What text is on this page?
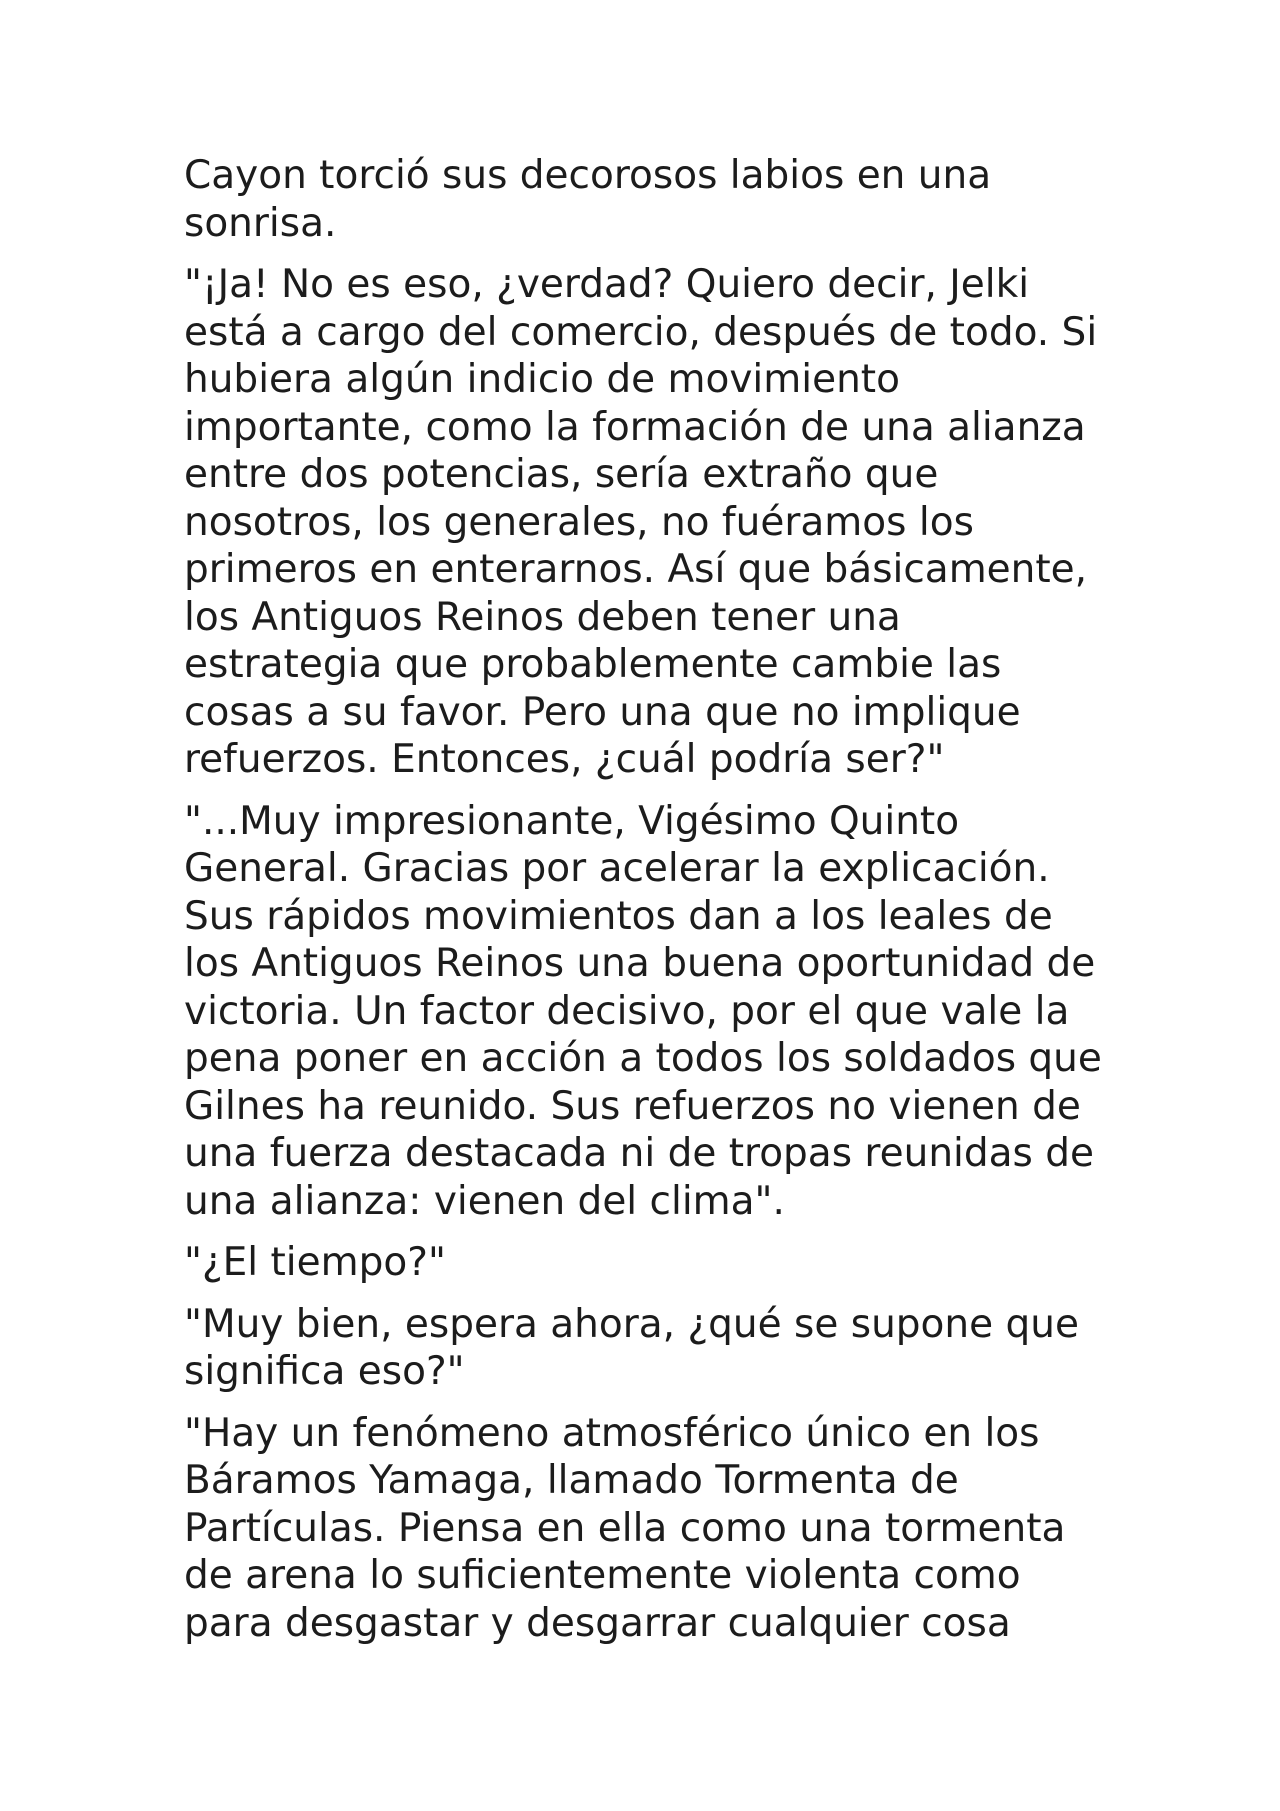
Cayon torció sus decorosos labios en una
sonrisa.

"¡Ja! No es eso, ¿verdad? Quiero decir, Jelki
está a cargo del comercio, después de todo. Si
hubiera algún indicio de movimiento
importante, como la formación de una alianza
entre dos potencias, sería extraño que
nosotros, los generales, no fuéramos los
primeros en enterarnos. Así que básicamente,
los Antiguos Reinos deben tener una
estrategia que probablemente cambie las
cosas a su favor. Pero una que no implique
refuerzos. Entonces, ¿cuál podría ser?"

"...Muy impresionante, Vigésimo Quinto
General. Gracias por acelerar la explicación.
Sus rápidos movimientos dan a los leales de
los Antiguos Reinos una buena oportunidad de
victoria. Un factor decisivo, por el que vale la
pena poner en acción a todos los soldados que
Gilnes ha reunido. Sus refuerzos no vienen de
una fuerza destacada ni de tropas reunidas de
una alianza: vienen del clima".

"¿El tiempo?"

"Muy bien, espera ahora, ¿qué se supone que
significa eso?"

"Hay un fenómeno atmosférico único en los
Báramos Yamaga, llamado Tormenta de
Partículas. Piensa en ella como una tormenta
de arena lo suficientemente violenta como
para desgastar y desgarrar cualquier cosa
